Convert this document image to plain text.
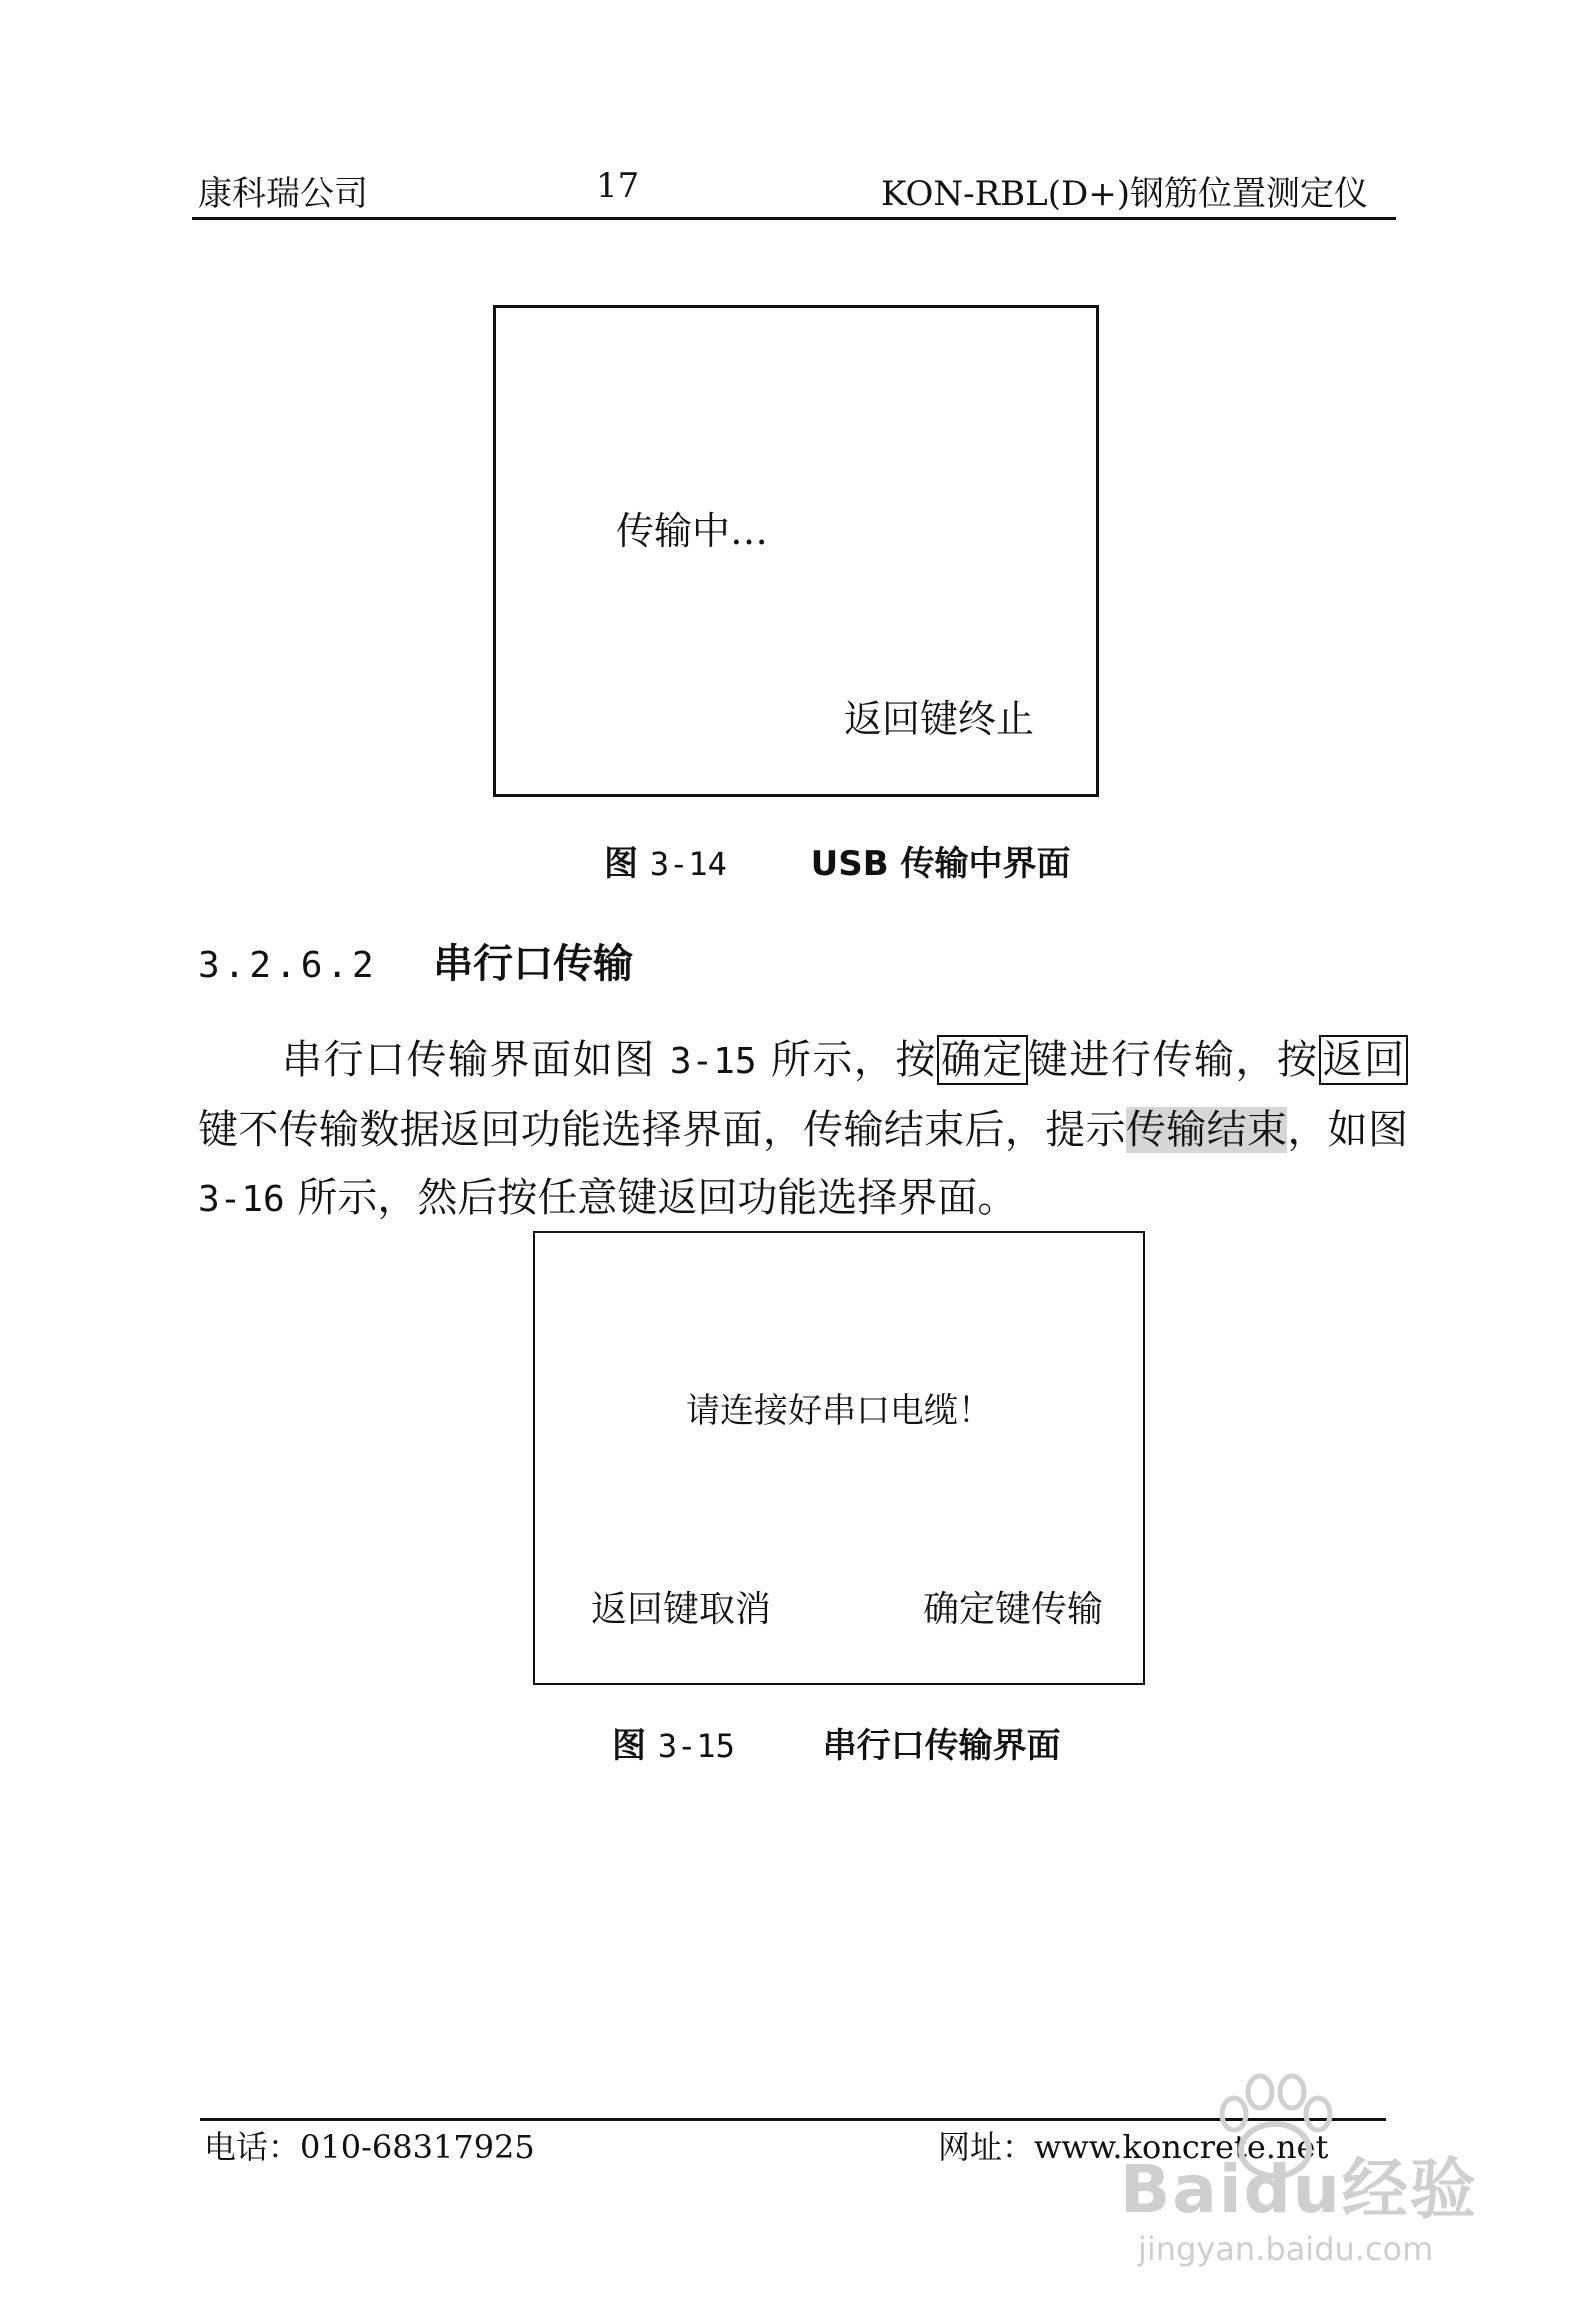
康科瑞公司	17	KON-RBL(D+)钢筋位置测定仪
传输中…
返回键终止
图 3-14 USB 传输中界面
3.2.6.2 串行口传输
串行口传输界面如图 3-15 所示，按 确定 键进行传输，按 返回键不传输数据返回功能选择界面，传输结束后，提示传输结束，如图 3-16 所示，然后按任意键返回功能选择界面。
请连接好串口电缆！
返回键取消	确定键传输
图 3-15	串行口传输界面
电话：010-68317925	网址：www.koncrete.net
Baidu经验
jingyan.baidu.com
